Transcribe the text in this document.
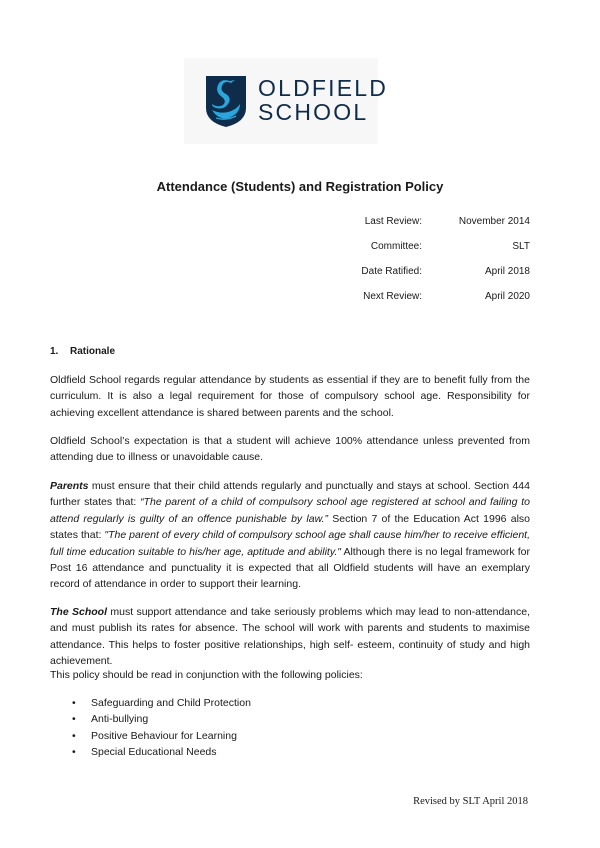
OLDFIELD
SCHOOL
Attendance (Students) and Registration Policy
Last Review:	November 2014
Committee:	SLT
Date Ratified:	April 2018
Next Review:	April 2020
1. Rationale
Oldfield School regards regular attendance by students as essential if they are to benefit fully from the curriculum. It is also a legal requirement for those of compulsory school age. Responsibility for achieving excellent attendance is shared between parents and the school.
Oldfield School’s expectation is that a student will achieve 100% attendance unless prevented from attending due to illness or unavoidable cause.
Parents must ensure that their child attends regularly and punctually and stays at school. Section 444 further states that: “The parent of a child of compulsory school age registered at school and failing to attend regularly is guilty of an offence punishable by law.” Section 7 of the Education Act 1996 also states that: "The parent of every child of compulsory school age shall cause him/her to receive efficient, full time education suitable to his/her age, aptitude and ability." Although there is no legal framework for Post 16 attendance and punctuality it is expected that all Oldfield students will have an exemplary record of attendance in order to support their learning.
The School must support attendance and take seriously problems which may lead to non-attendance, and must publish its rates for absence. The school will work with parents and students to maximise attendance. This helps to foster positive relationships, high self- esteem, continuity of study and high achievement.
This policy should be read in conjunction with the following policies:
• Safeguarding and Child Protection
• Anti-bullying
• Positive Behaviour for Learning
• Special Educational Needs
Revised by SLT April 2018
